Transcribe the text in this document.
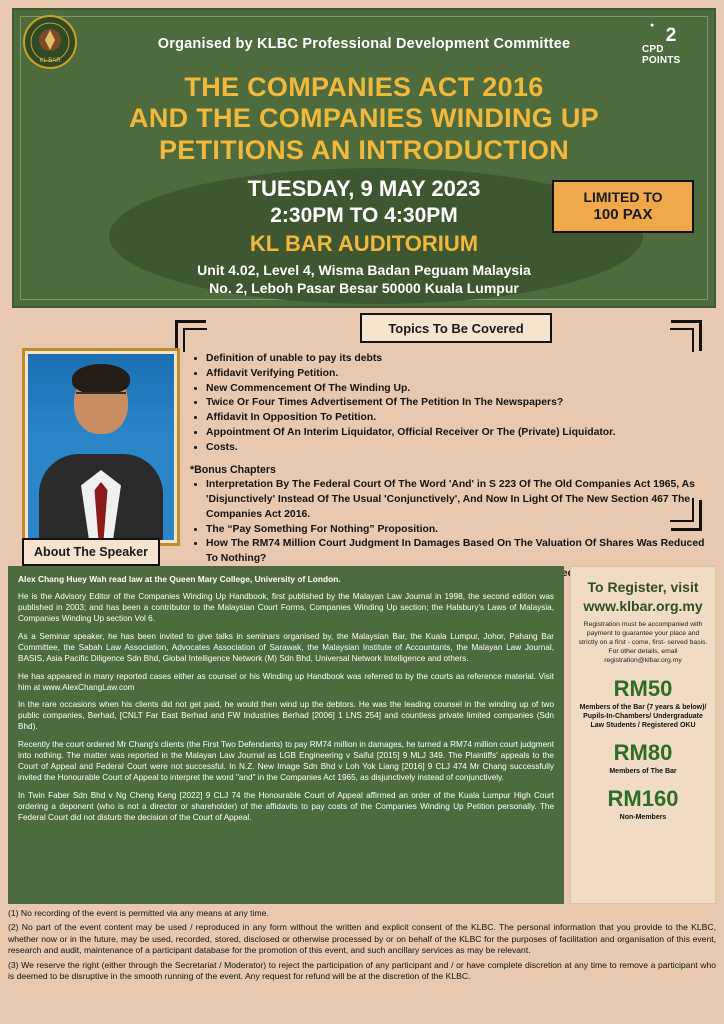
KL BAR
● 2
CPD POINTS
Organised by KLBC Professional Development Committee
THE COMPANIES ACT 2016
AND THE COMPANIES WINDING UP
PETITIONS AN INTRODUCTION
TUESDAY, 9 MAY 2023
2:30PM TO 4:30PM
KL BAR AUDITORIUM
Unit 4.02, Level 4, Wisma Badan Peguam Malaysia
No. 2, Leboh Pasar Besar 50000 Kuala Lumpur
LIMITED TO
100 PAX
Topics To Be Covered
• Definition of unable to pay its debts
• Affidavit Verifying Petition.
• New Commencement Of The Winding Up.
• Twice Or Four Times Advertisement Of The Petition In The Newspapers?
• Affidavit In Opposition To Petition.
• Appointment Of An Interim Liquidator, Official Receiver Or The (Private) Liquidator.
• Costs.
*Bonus Chapters
• Interpretation By The Federal Court Of The Word 'And' in S 223 Of The Old Companies Act 1965, As 'Disjunctively' Instead Of The Usual 'Conjunctively', And Now In Light Of The New Section 467 The Companies Act 2016.
• The “Pay Something For Nothing” Proposition.
• How The RM74 Million Court Judgment In Damages Based On The Valuation Of Shares Was Reduced To Nothing?
•
About The Speaker

Alex Chang Huey Wah read law at the Queen Mary College, University of London.

He is the Advisory Editor of the Companies Winding Up Handbook, first published by the Malayan Law Journal in 1998, the second edition was published in 2003; and has been a contributor to the Malaysian Court Forms, Companies Winding Up section; the Halsbury's Laws of Malaysia, Companies Winding Up section Vol 6.

As a Seminar speaker, he has been invited to give talks in seminars organised by, the Malaysian Bar, the Kuala Lumpur, Johor, Pahang Bar Committee, the Sabah Law Association, Advocates Association of Sarawak, the Malaysian Institute of Accountants, the Malayan Law Journal, BASIS, Asia Pacific Diligence Sdn Bhd, Global Intelligence Network (M) Sdn Bhd, Universal Network Intelligence and others.

He has appeared in many reported cases either as counsel or his Winding up Handbook was referred to by the courts as reference material. Visit him at www.AlexChangLaw.com

In the rare occasions when his clients did not get paid, he would then wind up the debtors. He was the leading counsel in the winding up of two public companies, Berhad, [CNLT Far East Berhad and FW Industries Berhad [2006] 1 LNS 254] and countless private limited companies (Sdn Bhd).

Recently the court ordered Mr Chang's clients (the First Two Defendants) to pay RM74 million in damages, he turned a RM74 million court judgment into nothing. The matter was reported in the Malayan Law Journal as LGB Engineering v Saiful [2015] 9 MLJ 349. The Plaintiffs' appeals to the Court of Appeal and Federal Court were not successful. In N.Z. New Image Sdn Bhd v Loh Yok Liang [2016] 9 CLJ 474 Mr Chang successfully invited the Honourable Court of Appeal to interpret the word "and" in the Companies Act 1965, as disjunctively instead of conjunctively.

In Twin Faber Sdn Bhd v Ng Cheng Keng [2022] 9 CLJ 74 the Honourable Court of Appeal affirmed an order of the Kuala Lumpur High Court ordering a deponent (who is not a director or shareholder) of the affidavits to pay costs of the Companies Winding Up Petition personally. The Federal Court did not disturb the decision of the Court of Appeal.

To Register, visit
www.klbar.org.my
Registration must be accompanied with payment to guarantee your place and strictly on a first - come, first- served basis. For other details, email registration@klbar.org.my
RM50
Members of the Bar (7 years & below)/ Pupils-In-Chambers/ Undergraduate Law Students / Registered OKU
RM80
Members of The Bar
RM160
Non-Members

(1) No recording of the event is permitted via any means at any time.

(2) No part of the event content may be used / reproduced in any form without the written and explicit consent of the KLBC. The personal information that you provide to the KLBC, whether now or in the future, may be used, recorded, stored, disclosed or otherwise processed by or on behalf of the KLBC for the purposes of facilitation and organisation of this event, research and audit, maintenance of a participant database for the promotion of this event, and such ancillary services as may be relevant.

(3) We reserve the right (either through the Secretariat / Moderator) to reject the participation of any participant and / or have complete discretion at any time to remove a participant who is deemed to be disruptive in the smooth running of the event. Any request for refund will be at the discretion of the KLBC.
